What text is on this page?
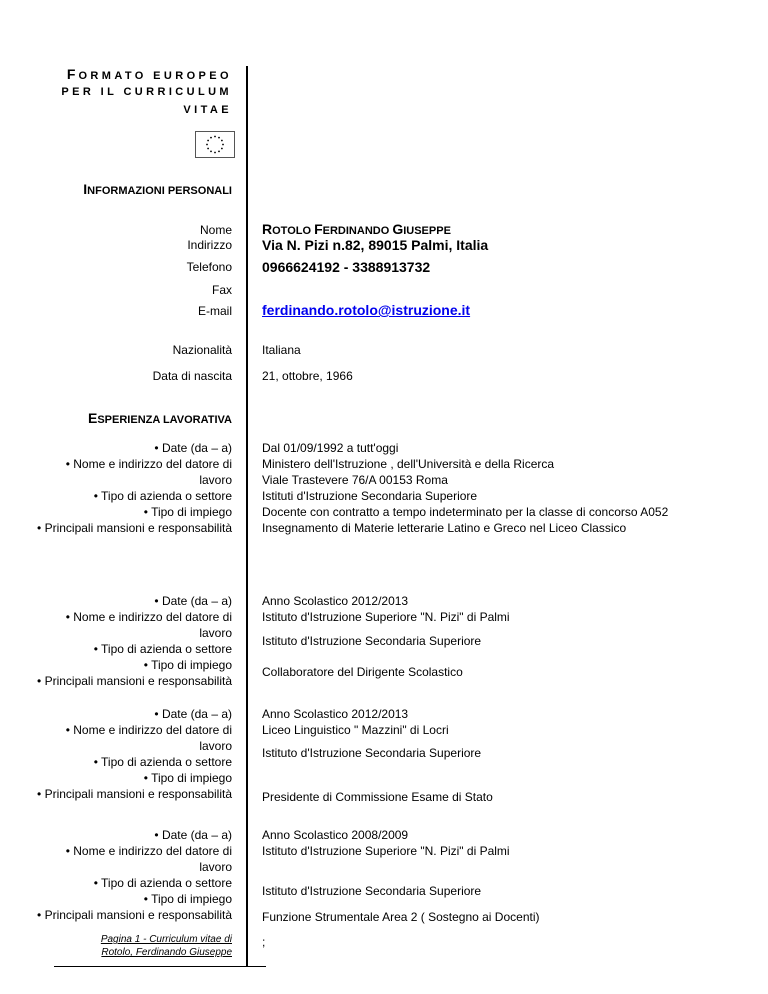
FORMATO EUROPEO
PER IL CURRICULUM
VITAE
INFORMAZIONI PERSONALI
Nome ROTOLO FERDINANDO GIUSEPPE
Indirizzo Via N. Pizi n.82, 89015 Palmi, Italia
Telefono 0966624192 - 3388913732
Fax
E-mail ferdinando.rotolo@istruzione.it
Nazionalità	Italiana
Data di nascita	21, ottobre, 1966
ESPERIENZA LAVORATIVA
• Date (da – a)
• Nome e indirizzo del datore di
lavoro
• Tipo di azienda o settore
• Tipo di impiego
• Principali mansioni e responsabilità
Dal 01/09/1992 a tutt'oggi
Ministero dell'Istruzione , dell'Università e della Ricerca
Viale Trastevere 76/A 00153 Roma
Istituti d'Istruzione Secondaria Superiore
Docente con contratto a tempo indeterminato per la classe di concorso A052
Insegnamento di Materie letterarie Latino e Greco nel Liceo Classico
• Date (da – a)
• Nome e indirizzo del datore di
lavoro
• Tipo di azienda o settore
• Tipo di impiego
• Principali mansioni e responsabilità
Anno Scolastico 2012/2013
Istituto d'Istruzione Superiore "N. Pizi" di Palmi
Istituto d'Istruzione Secondaria Superiore
Collaboratore del Dirigente Scolastico
• Date (da – a)
• Nome e indirizzo del datore di
lavoro
• Tipo di azienda o settore
• Tipo di impiego
• Principali mansioni e responsabilità
Anno Scolastico 2012/2013
Liceo Linguistico " Mazzini" di Locri
Istituto d'Istruzione Secondaria Superiore
Presidente di Commissione Esame di Stato
• Date (da – a)
• Nome e indirizzo del datore di
lavoro
• Tipo di azienda o settore
• Tipo di impiego
• Principali mansioni e responsabilità
Anno Scolastico 2008/2009
Istituto d'Istruzione Superiore "N. Pizi" di Palmi
Istituto d'Istruzione Secondaria Superiore
Funzione Strumentale Area 2 ( Sostegno ai Docenti)
;
Pagina 1 - Curriculum vitae di
Rotolo, Ferdinando Giuseppe
